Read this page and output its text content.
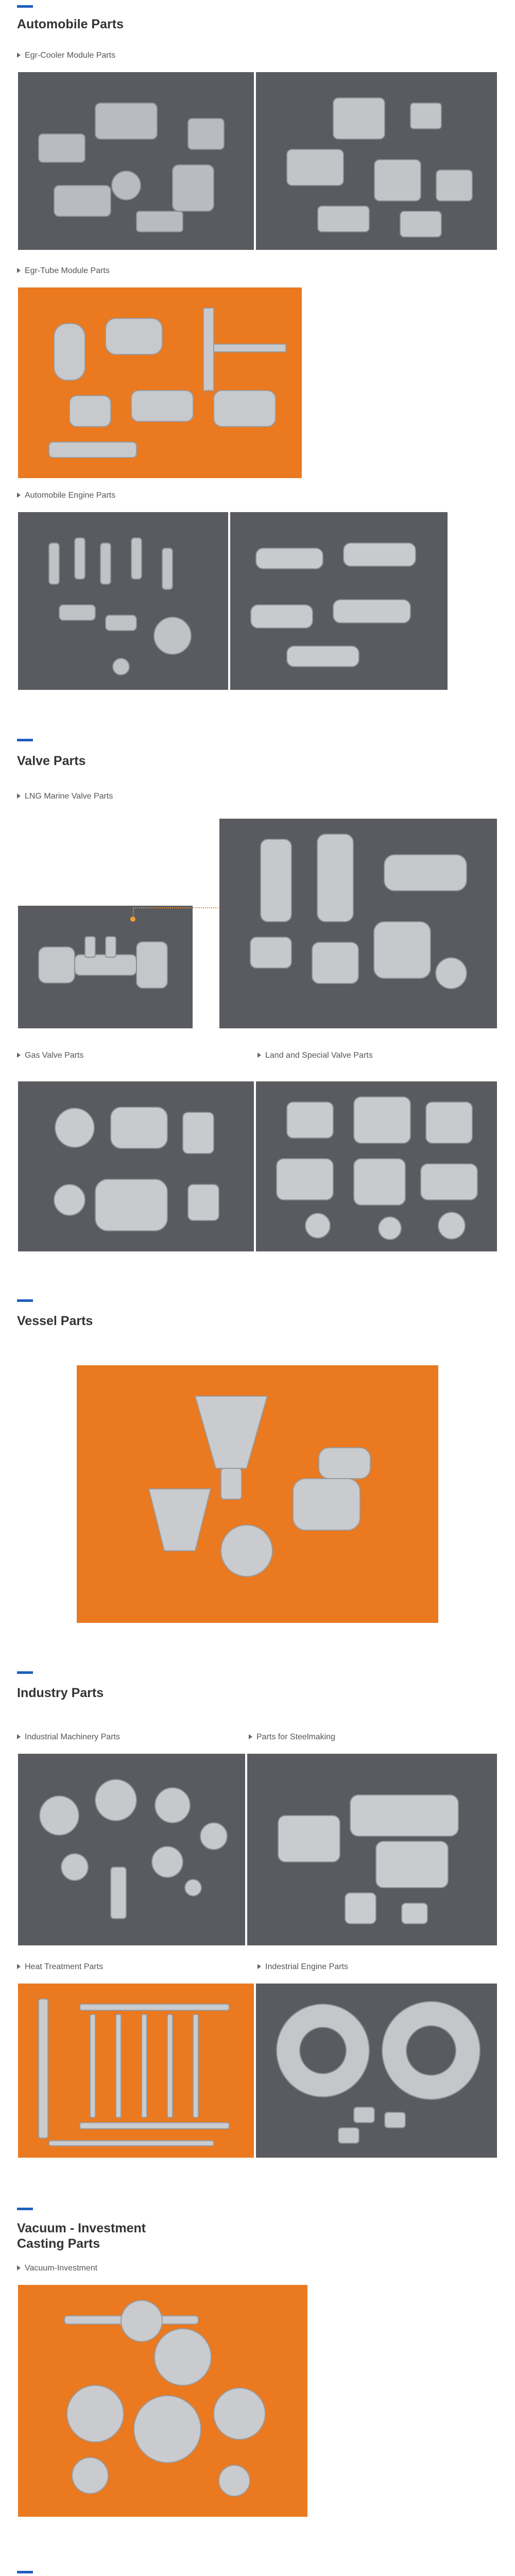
Automobile Parts
Egr-Cooler Module Parts
Egr-Tube Module Parts
Automobile Engine Parts
Valve Parts
LNG Marine Valve Parts
Gas Valve Parts	Land and Special Valve Parts
Vessel Parts
Industry Parts
Industrial Machinery Parts	Parts for Steelmaking
Heat Treatment Parts	Indestrial Engine Parts
Vacuum - Investment
Casting Parts
Vacuum-Investment
